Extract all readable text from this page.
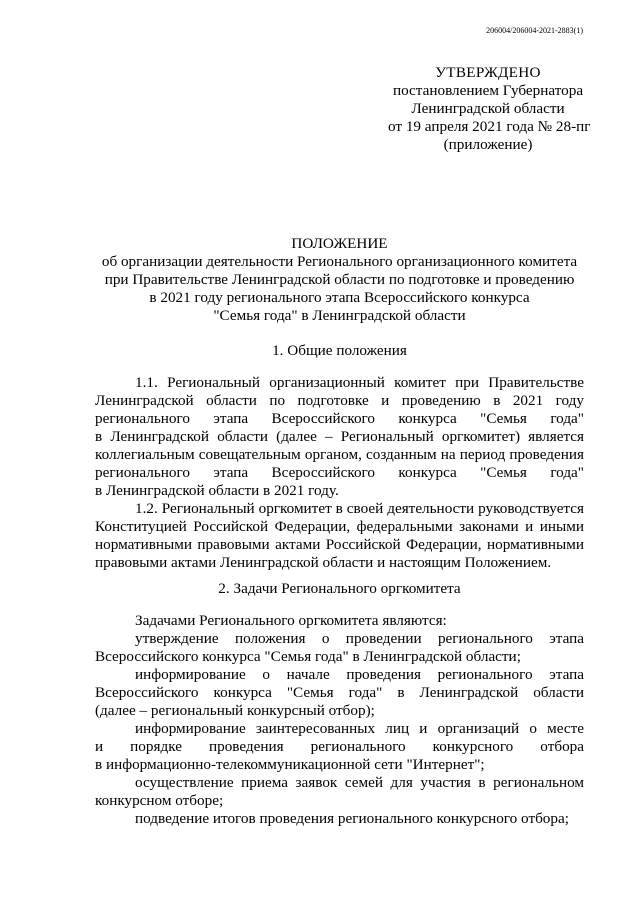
206004/206004-2021-2883(1)
УТВЕРЖДЕНО
постановлением Губернатора
Ленинградской области
от 19 апреля 2021 года № 28-пг
(приложение)
ПОЛОЖЕНИЕ
об организации деятельности Регионального организационного комитета
при Правительстве Ленинградской области по подготовке и проведению
в 2021 году регионального этапа Всероссийского конкурса
"Семья года" в Ленинградской области
1. Общие положения
1.1. Региональный организационный комитет при Правительстве
Ленинградской области по подготовке и проведению в 2021 году
регионального этапа Всероссийского конкурса "Семья года"
в Ленинградской области (далее – Региональный оргкомитет) является
коллегиальным совещательным органом, созданным на период проведения
регионального этапа Всероссийского конкурса "Семья года"
в Ленинградской области в 2021 году.
1.2. Региональный оргкомитет в своей деятельности руководствуется
Конституцией Российской Федерации, федеральными законами и иными
нормативными правовыми актами Российской Федерации, нормативными
правовыми актами Ленинградской области и настоящим Положением.
2. Задачи Регионального оргкомитета
Задачами Регионального оргкомитета являются:
утверждение положения о проведении регионального этапа
Всероссийского конкурса "Семья года" в Ленинградской области;
информирование о начале проведения регионального этапа
Всероссийского конкурса "Семья года" в Ленинградской области
(далее – региональный конкурсный отбор);
информирование заинтересованных лиц и организаций о месте
и порядке проведения регионального конкурсного отбора
в информационно-телекоммуникационной сети "Интернет";
осуществление приема заявок семей для участия в региональном
конкурсном отборе;
подведение итогов проведения регионального конкурсного отбора;
